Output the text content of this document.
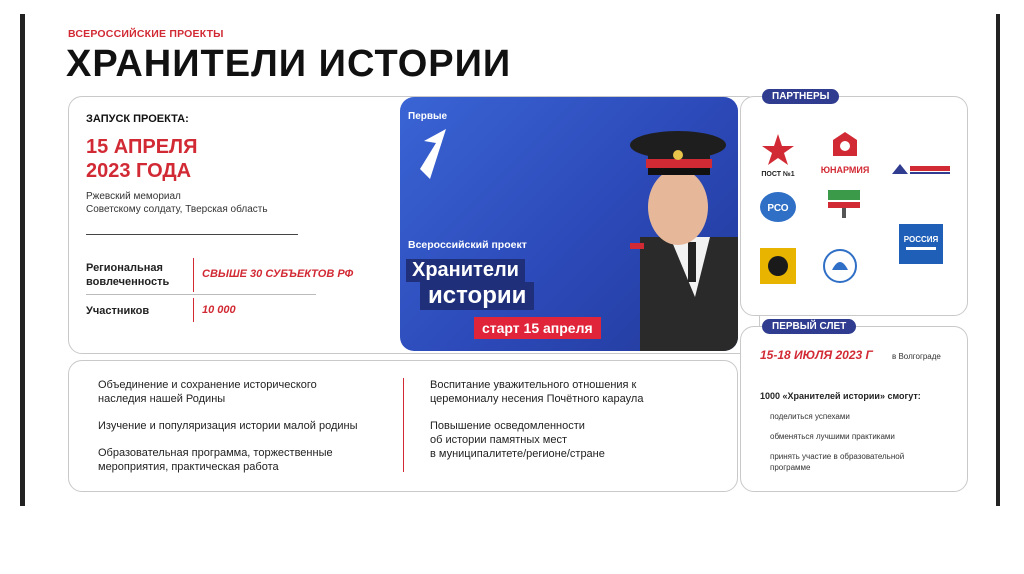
ВСЕРОССИЙСКИЕ ПРОЕКТЫ
ХРАНИТЕЛИ ИСТОРИИ
ЗАПУСК ПРОЕКТА:
15 АПРЕЛЯ
2023 ГОДА
Ржевский мемориал
Советскому солдату, Тверская область
Региональная
вовлеченность
СВЫШЕ 30 СУБЪЕКТОВ РФ
Участников	10 000
Первые
Всероссийский проект
Хранители
истории
старт 15 апреля
ПАРТНЕРЫ
ПОСТ №1	ЮНАРМИЯ
РСО
РОССИЯ
Объединение и сохранение исторического
наследия нашей Родины
Изучение и популяризация истории малой родины
Образовательная программа, торжественные
мероприятия, практическая работа
Воспитание уважительного отношения к
церемониалу несения Почётного караула
Повышение осведомленности
об истории памятных мест
в муниципалитете/регионе/стране
ПЕРВЫЙ СЛЕТ
15-18 ИЮЛЯ 2023 Г в Волгограде
1000 «Хранителей истории» смогут:
поделиться успехами
обменяться лучшими практиками
принять участие в образовательной
программе
